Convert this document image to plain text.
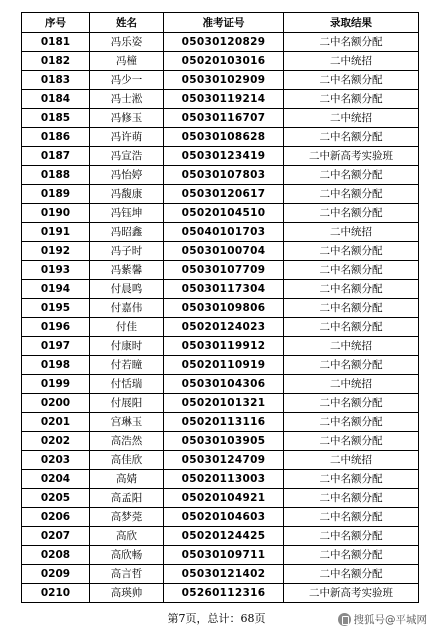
序号	姓名	准考证号	录取结果
0181	冯乐姿	05030120829	二中名额分配
0182	冯橦	05020103016	二中统招
0183	冯少一	05030102909	二中名额分配
0184	冯士淞	05030119214	二中名额分配
0185	冯修玉	05030116707	二中统招
0186	冯许萌	05030108628	二中名额分配
0187	冯宣浩	05030123419	二中新高考实验班
0188	冯怡婷	05030107803	二中名额分配
0189	冯馥康	05030120617	二中名额分配
0190	冯钰坤	05020104510	二中名额分配
0191	冯昭鑫	05040101703	二中统招
0192	冯子时	05030100704	二中名额分配
0193	冯紫馨	05030107709	二中名额分配
0194	付晨鸣	05030117304	二中名额分配
0195	付嘉伟	05030109806	二中名额分配
0196	付佳	05020124023	二中名额分配
0197	付康时	05030119912	二中统招
0198	付若瞳	05020110919	二中名额分配
0199	付恬瑞	05030104306	二中统招
0200	付展阳	05020101321	二中名额分配
0201	宫琳玉	05020113116	二中名额分配
0202	高浩然	05030103905	二中名额分配
0203	高佳欣	05030124709	二中统招
0204	高婧	05020113003	二中名额分配
0205	高孟阳	05020104921	二中名额分配
0206	高梦莞	05020104603	二中名额分配
0207	高欣	05020124425	二中名额分配
0208	高欣畅	05030109711	二中名额分配
0209	高言哲	05030121402	二中名额分配
0210	高瑛帅	05260112316	二中新高考实验班
第7页，总计：68页	搜狐号@平城网
